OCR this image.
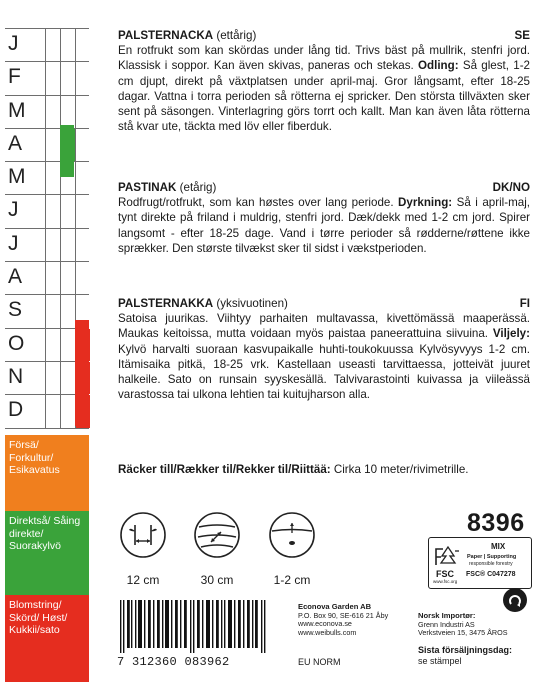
J
F
M
A
M
J
J
A
S
O
N
D
Försä/ Forkultur/ Esikavatus
Direktså/ Såing direkte/ Suorakylvö
Blomstring/ Skörd/ Høst/ Kukkii/sato
PALSTERNACKA (ettårig)	SE

En rotfrukt som kan skördas under lång tid. Trivs bäst på mullrik, stenfri jord. Klassisk i soppor. Kan även skivas, paneras och stekas. Odling: Så glest, 1-2 cm djupt, direkt på växtplatsen under april-maj. Gror långsamt, efter 18-25 dagar. Vattna i torra perioden så rötterna ej spricker. Den största tillväxten sker sent på säsongen. Vinterlagring görs torrt och kallt. Man kan även låta rötterna stå kvar ute, täckta med löv eller fiberduk.

PASTINAK (etårig)	DK/NO

Rodfrugt/rotfrukt, som kan høstes over lang periode. Dyrkning: Så i april-maj, tynt direkte på friland i muldrig, stenfri jord. Dæk/dekk med 1-2 cm jord. Spirer langsomt - efter 18-25 dage. Vand i tørre perioder så rødderne/røttene ikke sprækker. Den største tilvækst sker til sidst i vækstperioden.

PALSTERNAKKA (yksivuotinen)	FI

Satoisa juurikas. Viihtyy parhaiten multavassa, kivettömässä maaperässä. Maukas keitoissa, mutta voidaan myös paistaa paneerattuina siivuina. Viljely: Kylvö harvalti suoraan kasvupaikalle huhti-toukokuussa Kylvösyvyys 1-2 cm. Itämisaika pitkä, 18-25 vrk. Kastellaan useasti tarvittaessa, jotteivät juuret halkeile. Sato on runsain syyskesällä. Talvivarastointi kuivassa ja viileässä varastossa tai ulkona lehtien tai kuitujharson alla.

Räcker till/Rækker til/Rekker til/Riittää: Cirka 10 meter/rivimetrille.
12 cm	30 cm	1-2 cm
8396
FSC
www.fsc.org
MIX
Paper | Supporting
responsible forestry
FSC® C047278
7 312360 083962
Econova Garden AB
P.O. Box 90, SE-616 21 Åby
www.econova.se
www.weibulls.com
EU NORM
Norsk Importør:
Grenn Industri AS
Verkstveien 15, 3475 ÅROS
Sista försäljningsdag:
se stämpel
